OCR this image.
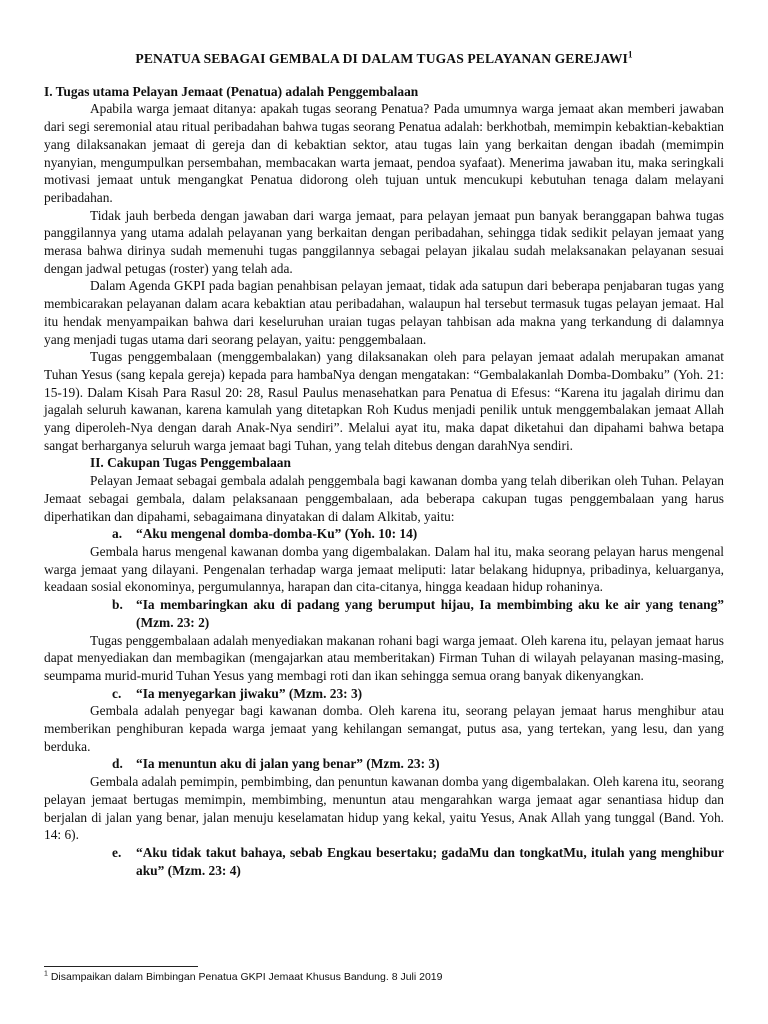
PENATUA SEBAGAI GEMBALA DI DALAM TUGAS PELAYANAN GEREJAWI$^1$
I. Tugas utama Pelayan Jemaat (Penatua) adalah Penggembalaan

Apabila warga jemaat ditanya: apakah tugas seorang Penatua? Pada umumnya warga jemaat akan memberi jawaban dari segi seremonial atau ritual peribadahan bahwa tugas seorang Penatua adalah: berkhotbah, memimpin kebaktian-kebaktian yang dilaksanakan jemaat di gereja dan di kebaktian sektor, atau tugas lain yang berkaitan dengan ibadah (memimpin nyanyian, mengumpulkan persembahan, membacakan warta jemaat, pendoa syafaat). Menerima jawaban itu, maka seringkali motivasi jemaat untuk mengangkat Penatua didorong oleh tujuan untuk mencukupi kebutuhan tenaga dalam melayani peribadahan.

Tidak jauh berbeda dengan jawaban dari warga jemaat, para pelayan jemaat pun banyak beranggapan bahwa tugas panggilannya yang utama adalah pelayanan yang berkaitan dengan peribadahan, sehingga tidak sedikit pelayan jemaat yang merasa bahwa dirinya sudah memenuhi tugas panggilannya sebagai pelayan jikalau sudah melaksanakan pelayanan sesuai dengan jadwal petugas (roster) yang telah ada.

Dalam Agenda GKPI pada bagian penahbisan pelayan jemaat, tidak ada satupun dari beberapa penjabaran tugas yang membicarakan pelayanan dalam acara kebaktian atau peribadahan, walaupun hal tersebut termasuk tugas pelayan jemaat. Hal itu hendak menyampaikan bahwa dari keseluruhan uraian tugas pelayan tahbisan ada makna yang terkandung di dalamnya yang menjadi tugas utama dari seorang pelayan, yaitu: penggembalaan.

Tugas penggembalaan (menggembalakan) yang dilaksanakan oleh para pelayan jemaat adalah merupakan amanat Tuhan Yesus (sang kepala gereja) kepada para hambaNya dengan mengatakan: “Gembalakanlah Domba-Dombaku” (Yoh. 21: 15-19). Dalam Kisah Para Rasul 20: 28, Rasul Paulus menasehatkan para Penatua di Efesus: “Karena itu jagalah dirimu dan jagalah seluruh kawanan, karena kamulah yang ditetapkan Roh Kudus menjadi penilik untuk menggembalakan jemaat Allah yang diperoleh-Nya dengan darah Anak-Nya sendiri”. Melalui ayat itu, maka dapat diketahui dan dipahami bahwa betapa sangat berharganya seluruh warga jemaat bagi Tuhan, yang telah ditebus dengan darahNya sendiri.

II. Cakupan Tugas Penggembalaan

Pelayan Jemaat sebagai gembala adalah penggembala bagi kawanan domba yang telah diberikan oleh Tuhan. Pelayan Jemaat sebagai gembala, dalam pelaksanaan penggembalaan, ada beberapa cakupan tugas penggembalaan yang harus diperhatikan dan dipahami, sebagaimana dinyatakan di dalam Alkitab, yaitu:

a.	“Aku mengenal domba-domba-Ku” (Yoh. 10: 14)

Gembala harus mengenal kawanan domba yang digembalakan. Dalam hal itu, maka seorang pelayan harus mengenal warga jemaat yang dilayani. Pengenalan terhadap warga jemaat meliputi: latar belakang hidupnya, pribadinya, keluarganya, keadaan sosial ekonominya, pergumulannya, harapan dan cita-citanya, hingga keadaan hidup rohaninya.

b. “Ia membaringkan aku di padang yang berumput hijau, Ia membimbing aku ke air yang tenang” (Mzm. 23: 2)

Tugas penggembalaan adalah menyediakan makanan rohani bagi warga jemaat. Oleh karena itu, pelayan jemaat harus dapat menyediakan dan membagikan (mengajarkan atau memberitakan) Firman Tuhan di wilayah pelayanan masing-masing, seumpama murid-murid Tuhan Yesus yang membagi roti dan ikan sehingga semua orang banyak dikenyangkan.

c.	“Ia menyegarkan jiwaku” (Mzm. 23: 3)

Gembala adalah penyegar bagi kawanan domba. Oleh karena itu, seorang pelayan jemaat harus menghibur atau memberikan penghiburan kepada warga jemaat yang kehilangan semangat, putus asa, yang tertekan, yang lesu, dan yang berduka.

d. “Ia menuntun aku di jalan yang benar” (Mzm. 23: 3)

Gembala adalah pemimpin, pembimbing, dan penuntun kawanan domba yang digembalakan. Oleh karena itu, seorang pelayan jemaat bertugas memimpin, membimbing, menuntun atau mengarahkan warga jemaat agar senantiasa hidup dan berjalan di jalan yang benar, jalan menuju keselamatan hidup yang kekal, yaitu Yesus, Anak Allah yang tunggal (Band. Yoh. 14: 6).

e.	“Aku tidak takut bahaya, sebab Engkau besertaku; gadaMu dan tongkatMu, itulah yang menghibur aku” (Mzm. 23: 4)
$^1$ Disampaikan dalam Bimbingan Penatua GKPI Jemaat Khusus Bandung. 8 Juli 2019
